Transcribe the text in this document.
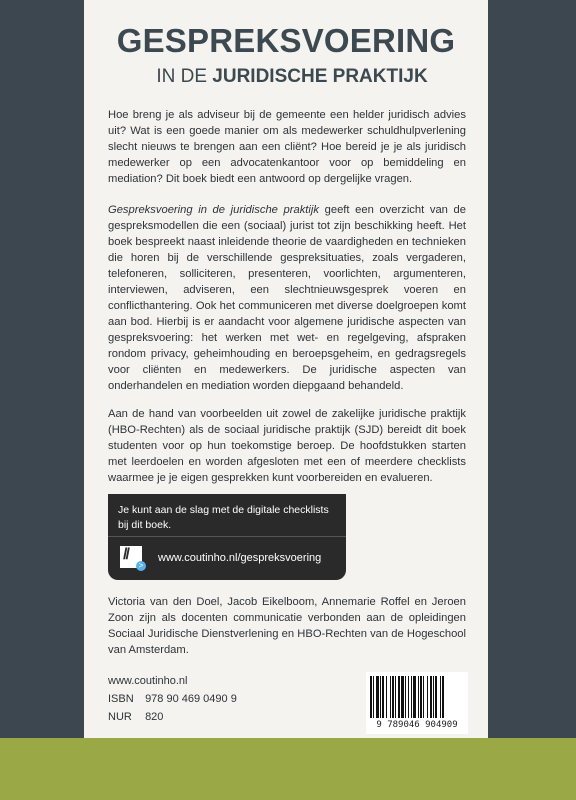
GESPREKSVOERING
IN DE JURIDISCHE PRAKTIJK
Hoe breng je als adviseur bij de gemeente een helder juridisch advies uit? Wat is een goede manier om als medewerker schuldhulpverlening slecht nieuws te brengen aan een cliënt? Hoe bereid je je als juridisch medewerker op een advocatenkantoor voor op bemiddeling en mediation? Dit boek biedt een antwoord op dergelijke vragen.
Gespreksvoering in de juridische praktijk geeft een overzicht van de gespreksmodellen die een (sociaal) jurist tot zijn beschikking heeft. Het boek bespreekt naast inleidende theorie de vaardigheden en technieken die horen bij de verschillende gespreksituaties, zoals vergaderen, telefoneren, solliciteren, presenteren, voorlichten, argumenteren, interviewen, adviseren, een slechtnieuwsgesprek voeren en conflicthantering. Ook het communiceren met diverse doelgroepen komt aan bod. Hierbij is er aandacht voor algemene juridische aspecten van gespreksvoering: het werken met wet- en regelgeving, afspraken rondom privacy, geheimhouding en beroepsgeheim, en gedragsregels voor cliënten en medewerkers. De juridische aspecten van onderhandelen en mediation worden diepgaand behandeld.
Aan de hand van voorbeelden uit zowel de zakelijke juridische praktijk (HBO-Rechten) als de sociaal juridische praktijk (SJD) bereidt dit boek studenten voor op hun toekomstige beroep. De hoofdstukken starten met leerdoelen en worden afgesloten met een of meerdere checklists waarmee je je eigen gesprekken kunt voorbereiden en evalueren.
Je kunt aan de slag met de digitale checklists bij dit boek.
//
>
www.coutinho.nl/gespreksvoering
Victoria van den Doel, Jacob Eikelboom, Annemarie Roffel en Jeroen Zoon zijn als docenten communicatie verbonden aan de opleidingen Sociaal Juridische Dienstverlening en HBO-Rechten van de Hogeschool van Amsterdam.
www.coutinho.nl
ISBN 978 90 469 0490 9
NUR 820
9 789046 904909
